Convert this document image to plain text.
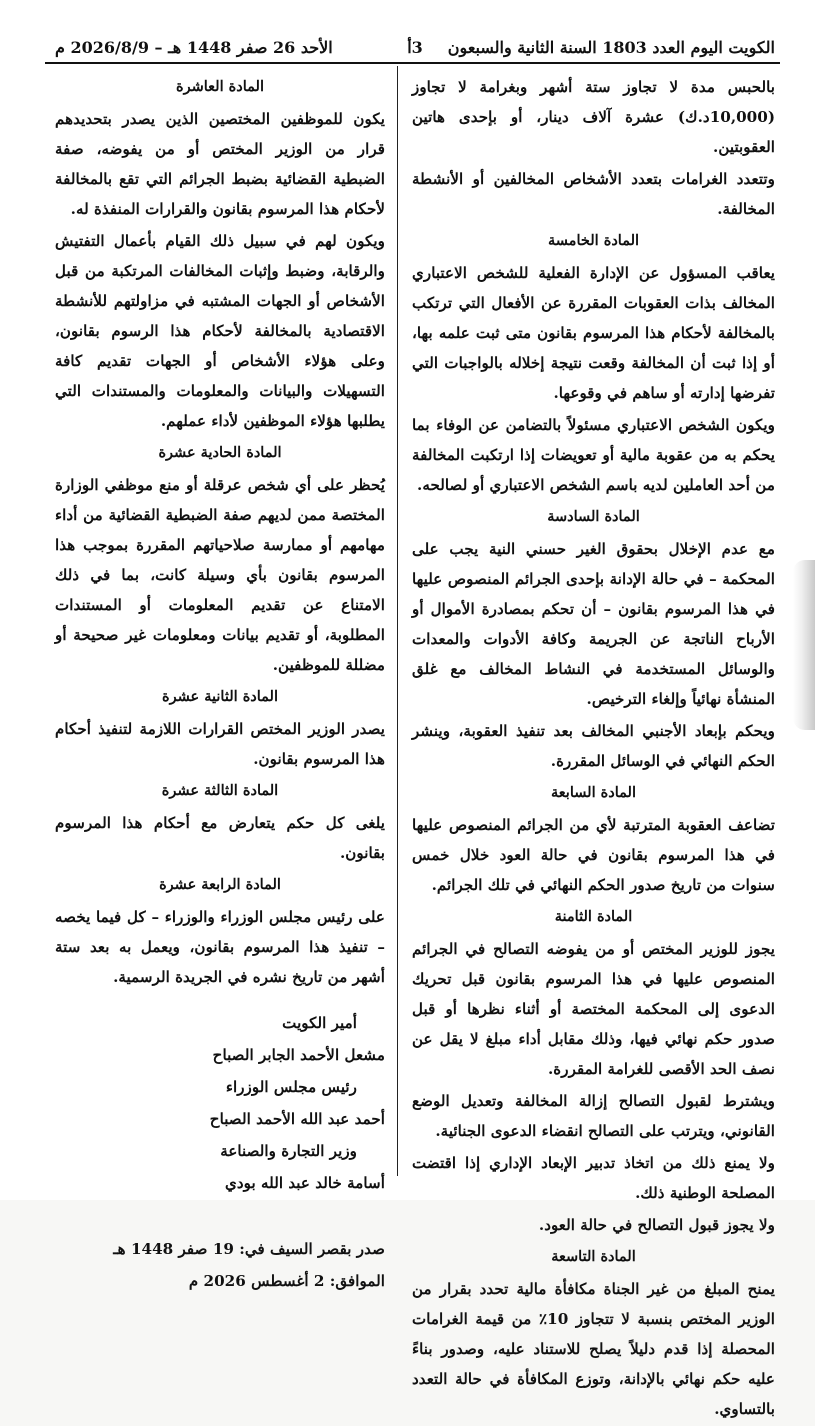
الكويت اليوم العدد 1803 السنة الثانية والسبعون
3أ
الأحد 26 صفر 1448 هـ – 2026/8/9 م

بالحبس مدة لا تجاوز ستة أشهر وبغرامة لا تجاوز (10,000د.ك) عشرة آلاف دينار، أو بإحدى هاتين العقوبتين.

وتتعدد الغرامات بتعدد الأشخاص المخالفين أو الأنشطة المخالفة.

المادة الخامسة

يعاقب المسؤول عن الإدارة الفعلية للشخص الاعتباري المخالف بذات العقوبات المقررة عن الأفعال التي ترتكب بالمخالفة لأحكام هذا المرسوم بقانون متى ثبت علمه بها، أو إذا ثبت أن المخالفة وقعت نتيجة إخلاله بالواجبات التي تفرضها إدارته أو ساهم في وقوعها.

ويكون الشخص الاعتباري مسئولاً بالتضامن عن الوفاء بما يحكم به من عقوبة مالية أو تعويضات إذا ارتكبت المخالفة من أحد العاملين لديه باسم الشخص الاعتباري أو لصالحه.

المادة السادسة

مع عدم الإخلال بحقوق الغير حسني النية يجب على المحكمة – في حالة الإدانة بإحدى الجرائم المنصوص عليها في هذا المرسوم بقانون – أن تحكم بمصادرة الأموال أو الأرباح الناتجة عن الجريمة وكافة الأدوات والمعدات والوسائل المستخدمة في النشاط المخالف مع غلق المنشأة نهائياً وإلغاء الترخيص.

ويحكم بإبعاد الأجنبي المخالف بعد تنفيذ العقوبة، وينشر الحكم النهائي في الوسائل المقررة.

المادة السابعة

تضاعف العقوبة المترتبة لأي من الجرائم المنصوص عليها في هذا المرسوم بقانون في حالة العود خلال خمس سنوات من تاريخ صدور الحكم النهائي في تلك الجرائم.

المادة الثامنة

يجوز للوزير المختص أو من يفوضه التصالح في الجرائم المنصوص عليها في هذا المرسوم بقانون قبل تحريك الدعوى إلى المحكمة المختصة أو أثناء نظرها أو قبل صدور حكم نهائي فيها، وذلك مقابل أداء مبلغ لا يقل عن نصف الحد الأقصى للغرامة المقررة.

ويشترط لقبول التصالح إزالة المخالفة وتعديل الوضع القانوني، ويترتب على التصالح انقضاء الدعوى الجنائية.

ولا يمنع ذلك من اتخاذ تدبير الإبعاد الإداري إذا اقتضت المصلحة الوطنية ذلك.

ولا يجوز قبول التصالح في حالة العود.

المادة التاسعة

يمنح المبلغ من غير الجناة مكافأة مالية تحدد بقرار من الوزير المختص بنسبة لا تتجاوز 10٪ من قيمة الغرامات المحصلة إذا قدم دليلاً يصلح للاستناد عليه، وصدور بناءً عليه حكم نهائي بالإدانة، وتوزع المكافأة في حالة التعدد بالتساوي.

المادة العاشرة

يكون للموظفين المختصين الذين يصدر بتحديدهم قرار من الوزير المختص أو من يفوضه، صفة الضبطية القضائية بضبط الجرائم التي تقع بالمخالفة لأحكام هذا المرسوم بقانون والقرارات المنفذة له.

ويكون لهم في سبيل ذلك القيام بأعمال التفتيش والرقابة، وضبط وإثبات المخالفات المرتكبة من قبل الأشخاص أو الجهات المشتبه في مزاولتهم للأنشطة الاقتصادية بالمخالفة لأحكام هذا الرسوم بقانون، وعلى هؤلاء الأشخاص أو الجهات تقديم كافة التسهيلات والبيانات والمعلومات والمستندات التي يطلبها هؤلاء الموظفين لأداء عملهم.

المادة الحادية عشرة

يُحظر على أي شخص عرقلة أو منع موظفي الوزارة المختصة ممن لديهم صفة الضبطية القضائية من أداء مهامهم أو ممارسة صلاحياتهم المقررة بموجب هذا المرسوم بقانون بأي وسيلة كانت، بما في ذلك الامتناع عن تقديم المعلومات أو المستندات المطلوبة، أو تقديم بيانات ومعلومات غير صحيحة أو مضللة للموظفين.

المادة الثانية عشرة

يصدر الوزير المختص القرارات اللازمة لتنفيذ أحكام هذا المرسوم بقانون.

المادة الثالثة عشرة

يلغى كل حكم يتعارض مع أحكام هذا المرسوم بقانون.

المادة الرابعة عشرة

على رئيس مجلس الوزراء والوزراء – كل فيما يخصه – تنفيذ هذا المرسوم بقانون، ويعمل به بعد ستة أشهر من تاريخ نشره في الجريدة الرسمية.

أمير الكويت

مشعل الأحمد الجابر الصباح

رئيس مجلس الوزراء

أحمد عبد الله الأحمد الصباح

وزير التجارة والصناعة

أسامة خالد عبد الله بودي

صدر بقصر السيف في: 19 صفر 1448 هـ

الموافق: 2 أغسطس 2026 م
